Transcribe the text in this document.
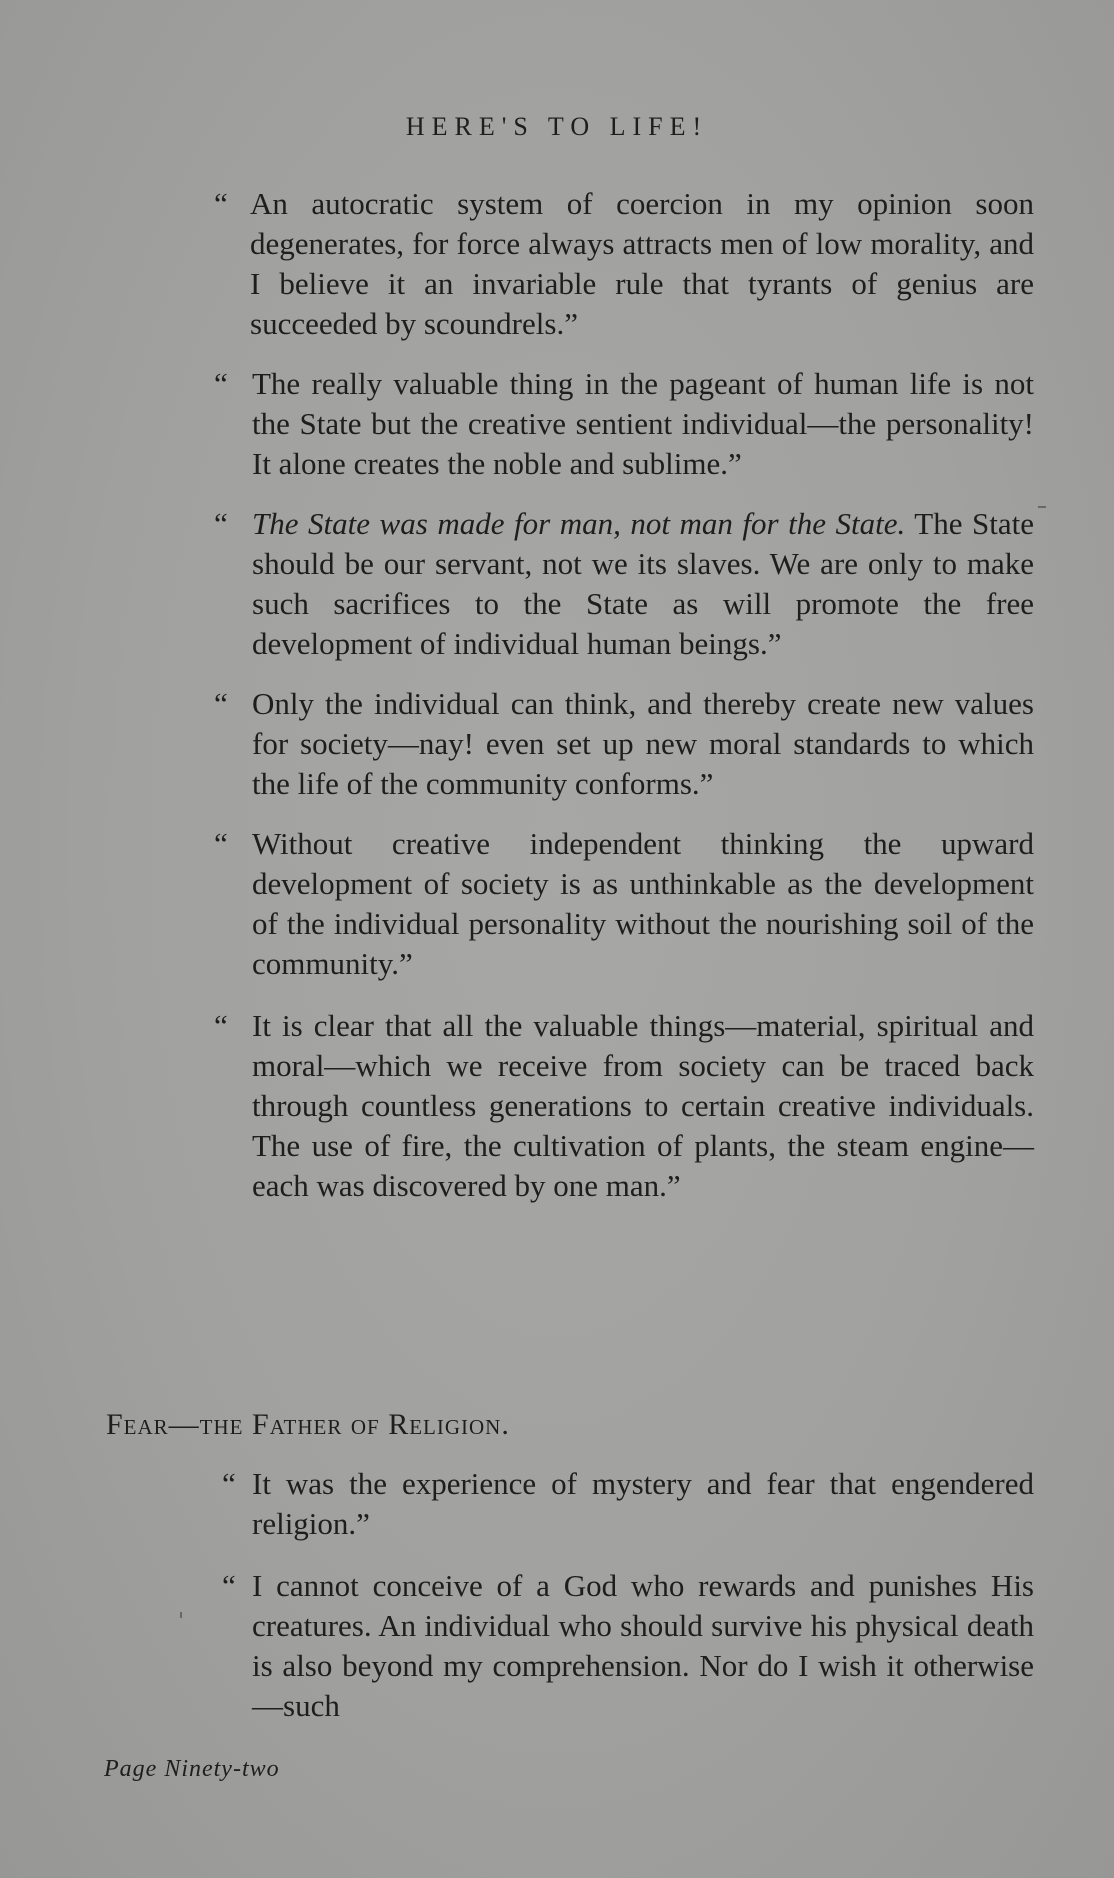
HERE'S TO LIFE!

“ An autocratic system of coercion in my opinion soon degenerates, for force always attracts men of low morality, and I believe it an invariable rule that tyrants of genius are succeeded by scoundrels.”

“ The really valuable thing in the pageant of human life is not the State but the creative sentient individual—the personality! It alone creates the noble and sublime.”

“ The State was made for man, not man for the State. The State should be our servant, not we its slaves. We are only to make such sacrifices to the State as will promote the free development of individual human beings.”

“ Only the individual can think, and thereby create new values for society—nay! even set up new moral standards to which the life of the community conforms.”

“ Without creative independent thinking the upward development of society is as unthinkable as the development of the individual personality without the nourishing soil of the community.”

“ It is clear that all the valuable things—material, spiritual and moral—which we receive from society can be traced back through countless generations to certain creative individuals. The use of fire, the cultivation of plants, the steam engine—each was discovered by one man.”

Fear—the Father of Religion.

“ It was the experience of mystery and fear that engendered religion.”

“ I cannot conceive of a God who rewards and punishes His creatures. An individual who should survive his physical death is also beyond my comprehension. Nor do I wish it otherwise—such

Page Ninety-two
